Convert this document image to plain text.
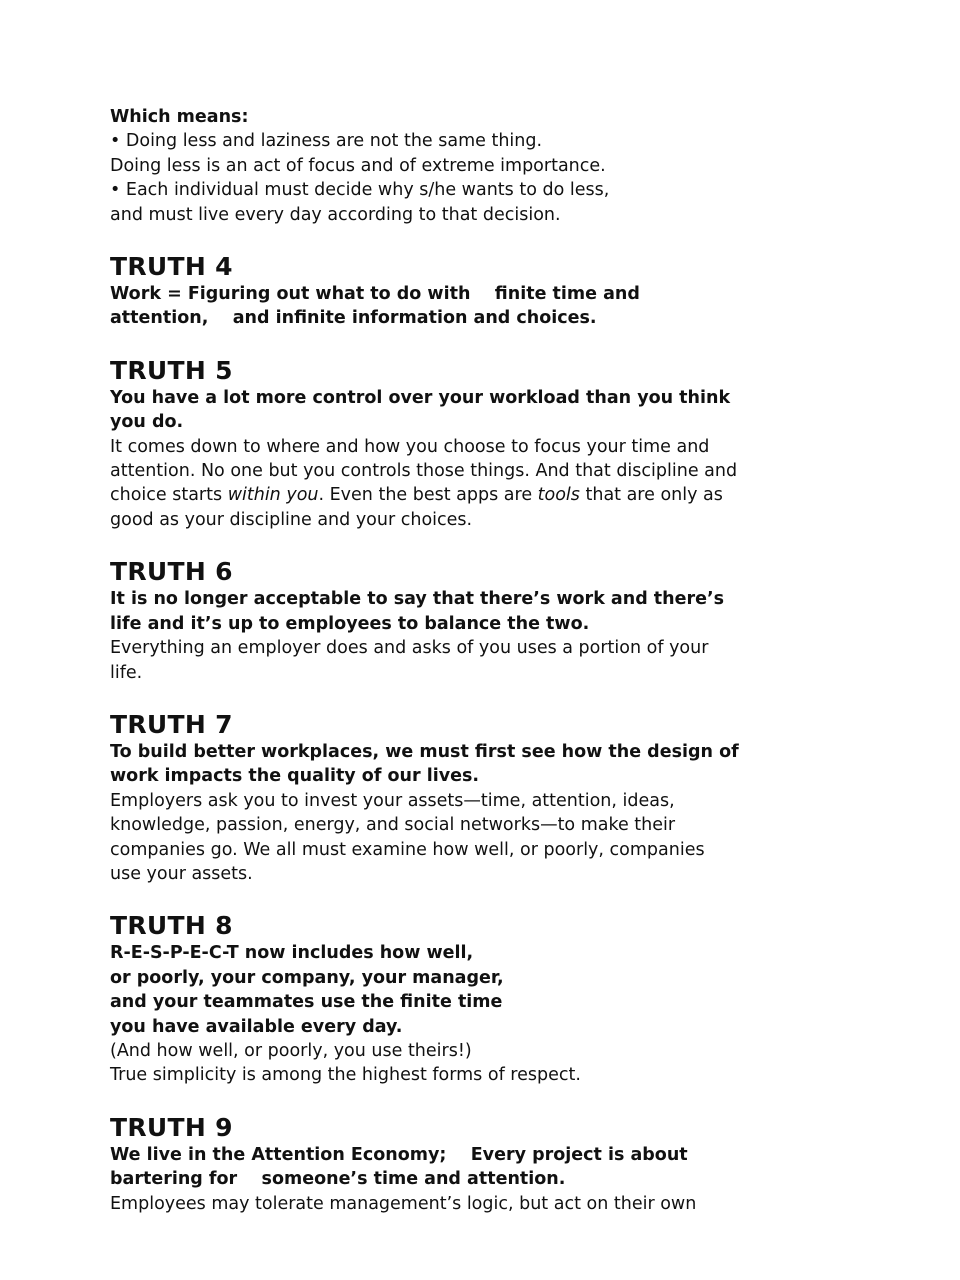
Which means:

• Doing less and laziness are not the same thing.

Doing less is an act of focus and of extreme importance.

• Each individual must decide why s/he wants to do less,

and must live every day according to that decision.

TRUTH 4

Work = Figuring out what to do with    finite time and

attention,    and infinite information and choices.

TRUTH 5

You have a lot more control over your workload than you think

you do.

It comes down to where and how you choose to focus your time and

attention. No one but you controls those things. And that discipline and

choice starts within you. Even the best apps are tools that are only as

good as your discipline and your choices.

TRUTH 6

It is no longer acceptable to say that there’s work and there’s

life and it’s up to employees to balance the two.

Everything an employer does and asks of you uses a portion of your

life.

TRUTH 7

To build better workplaces, we must first see how the design of

work impacts the quality of our lives.

Employers ask you to invest your assets—time, attention, ideas,

knowledge, passion, energy, and social networks—to make their

companies go. We all must examine how well, or poorly, companies

use your assets.

TRUTH 8

R-E-S-P-E-C-T now includes how well,

or poorly, your company, your manager,

and your teammates use the finite time

you have available every day.

(And how well, or poorly, you use theirs!)

True simplicity is among the highest forms of respect.

TRUTH 9

We live in the Attention Economy;    Every project is about

bartering for    someone’s time and attention.

Employees may tolerate management’s logic, but act on their own
